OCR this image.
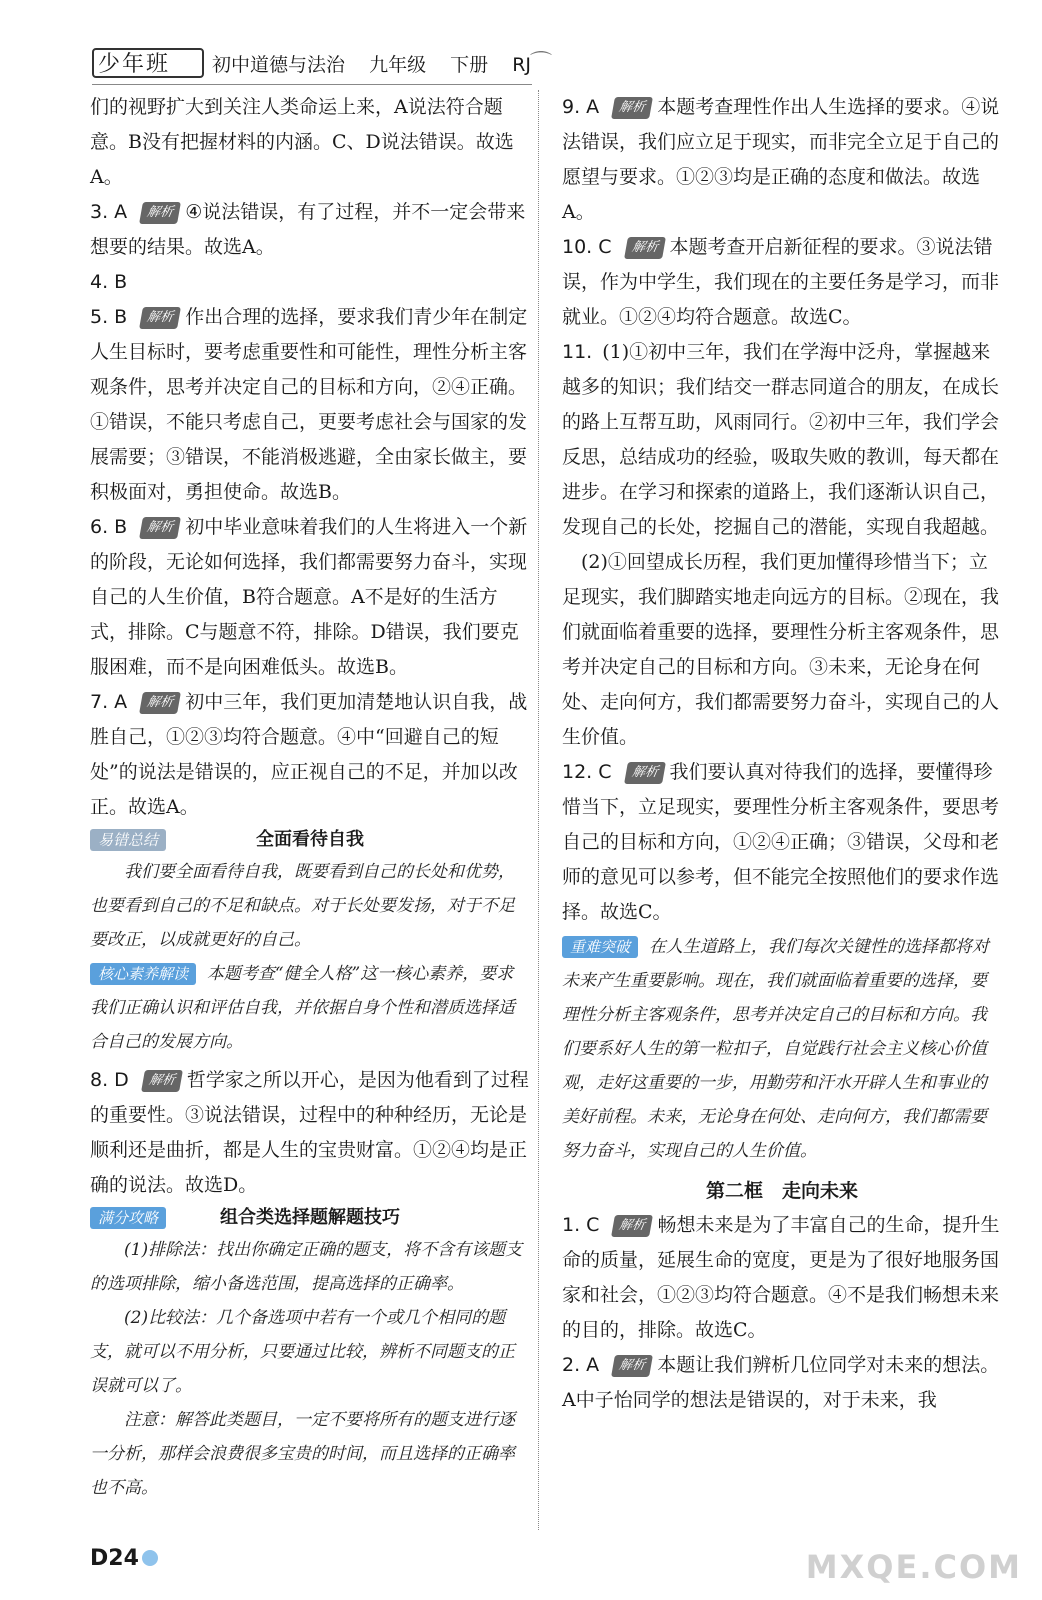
少年班	初中道德与法治 九年级 下册 RJ ⌒

们的视野扩大到关注人类命运上来，A说法符合题意。B没有把握材料的内涵。C、D说法错误。故选A。

3. A 解析 ④说法错误，有了过程，并不一定会带来想要的结果。故选A。

4. B

5. B 解析 作出合理的选择，要求我们青少年在制定人生目标时，要考虑重要性和可能性，理性分析主客观条件，思考并决定自己的目标和方向，②④正确。①错误，不能只考虑自己，更要考虑社会与国家的发展需要；③错误，不能消极逃避，全由家长做主，要积极面对，勇担使命。故选B。

6. B 解析 初中毕业意味着我们的人生将进入一个新的阶段，无论如何选择，我们都需要努力奋斗，实现自己的人生价值，B符合题意。A不是好的生活方式，排除。C与题意不符，排除。D错误，我们要克服困难，而不是向困难低头。故选B。

7. A 解析 初中三年，我们更加清楚地认识自我，战胜自己，①②③均符合题意。④中“回避自己的短处”的说法是错误的，应正视自己的不足，并加以改正。故选A。

易错总结	全面看待自我

我们要全面看待自我，既要看到自己的长处和优势，也要看到自己的不足和缺点。对于长处要发扬，对于不足要改正，以成就更好的自己。

核心素养解读 本题考查“健全人格”这一核心素养，要求我们正确认识和评估自我，并依据自身个性和潜质选择适合自己的发展方向。

8. D 解析 哲学家之所以开心，是因为他看到了过程的重要性。③说法错误，过程中的种种经历，无论是顺利还是曲折，都是人生的宝贵财富。①②④均是正确的说法。故选D。

满分攻略	组合类选择题解题技巧

(1)排除法：找出你确定正确的题支，将不含有该题支的选项排除，缩小备选范围，提高选择的正确率。

(2)比较法：几个备选项中若有一个或几个相同的题支，就可以不用分析，只要通过比较，辨析不同题支的正误就可以了。

注意：解答此类题目，一定不要将所有的题支进行逐一分析，那样会浪费很多宝贵的时间，而且选择的正确率也不高。

9. A 解析 本题考查理性作出人生选择的要求。④说法错误，我们应立足于现实，而非完全立足于自己的愿望与要求。①②③均是正确的态度和做法。故选A。

10. C 解析 本题考查开启新征程的要求。③说法错误，作为中学生，我们现在的主要任务是学习，而非就业。①②④均符合题意。故选C。

11. (1)①初中三年，我们在学海中泛舟，掌握越来越多的知识；我们结交一群志同道合的朋友，在成长的路上互帮互助，风雨同行。②初中三年，我们学会反思，总结成功的经验，吸取失败的教训，每天都在进步。在学习和探索的道路上，我们逐渐认识自己，发现自己的长处，挖掘自己的潜能，实现自我超越。

(2)①回望成长历程，我们更加懂得珍惜当下；立足现实，我们脚踏实地走向远方的目标。②现在，我们就面临着重要的选择，要理性分析主客观条件，思考并决定自己的目标和方向。③未来，无论身在何处、走向何方，我们都需要努力奋斗，实现自己的人生价值。

12. C 解析 我们要认真对待我们的选择，要懂得珍惜当下，立足现实，要理性分析主客观条件，要思考自己的目标和方向，①②④正确；③错误，父母和老师的意见可以参考，但不能完全按照他们的要求作选择。故选C。

重难突破 在人生道路上，我们每次关键性的选择都将对未来产生重要影响。现在，我们就面临着重要的选择，要理性分析主客观条件，思考并决定自己的目标和方向。我们要系好人生的第一粒扣子，自觉践行社会主义核心价值观，走好这重要的一步，用勤劳和汗水开辟人生和事业的美好前程。未来，无论身在何处、走向何方，我们都需要努力奋斗，实现自己的人生价值。

第二框　走向未来

1. C 解析 畅想未来是为了丰富自己的生命，提升生命的质量，延展生命的宽度，更是为了很好地服务国家和社会，①②③均符合题意。④不是我们畅想未来的目的，排除。故选C。

2. A 解析 本题让我们辨析几位同学对未来的想法。A中子怡同学的想法是错误的，对于未来，我

D24	MXQE.COM
